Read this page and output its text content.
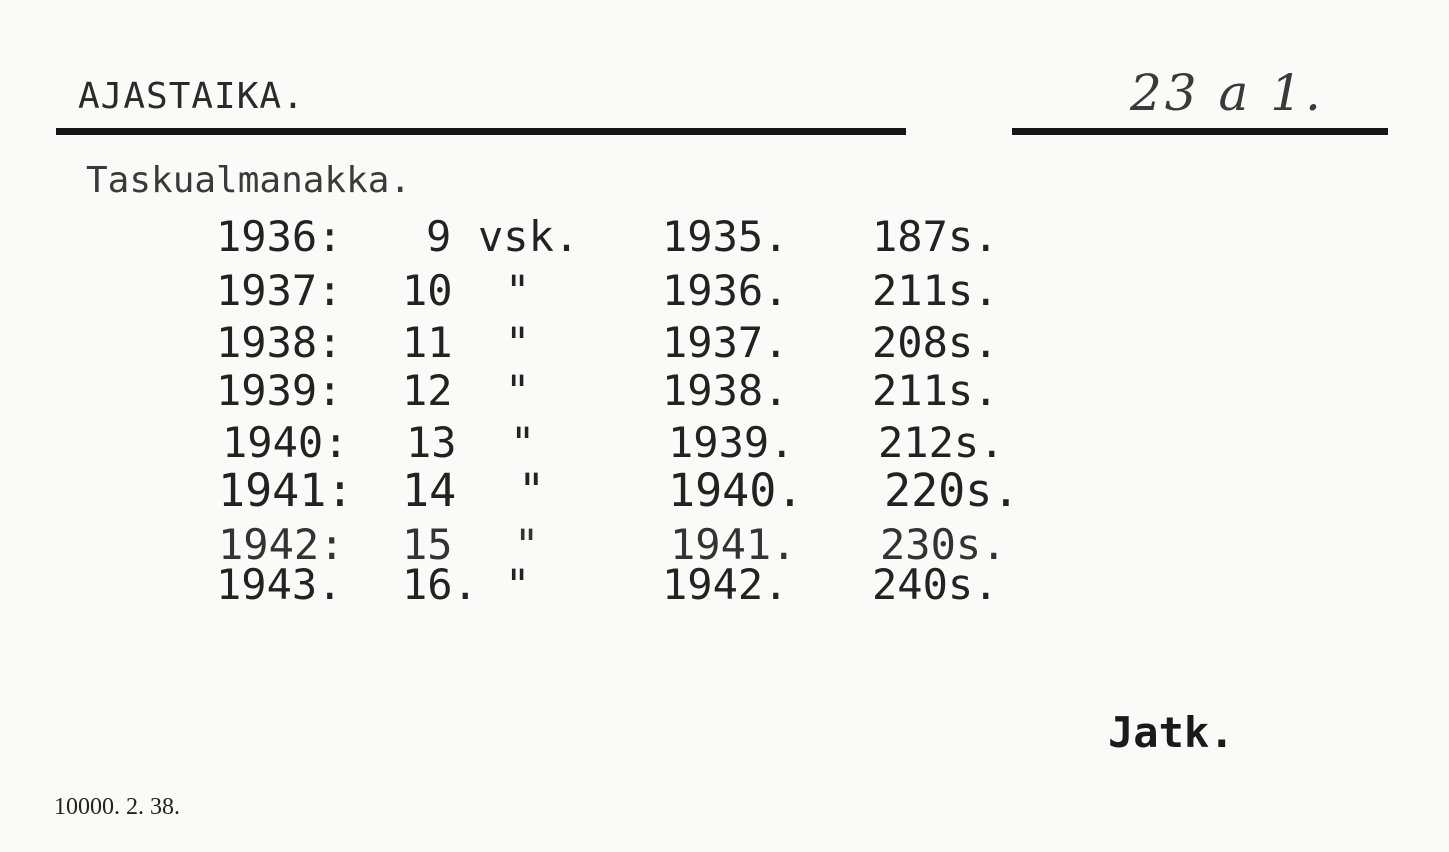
AJASTAIKA.	23 a 1.
Taskualmanakka.
1936: 9 vsk. 1935. 187s.
1937: 10 "	1936. 211s.
1938: 11 "	1937. 208s.
1939: 12 "	1938. 211s.
1940: 13 "	1939. 212s.
1941: 14 "	1940. 220s.
1942: 15 "	1941. 230s.
1943. 16. "	1942. 240s.
Jatk.
10000. 2. 38.
